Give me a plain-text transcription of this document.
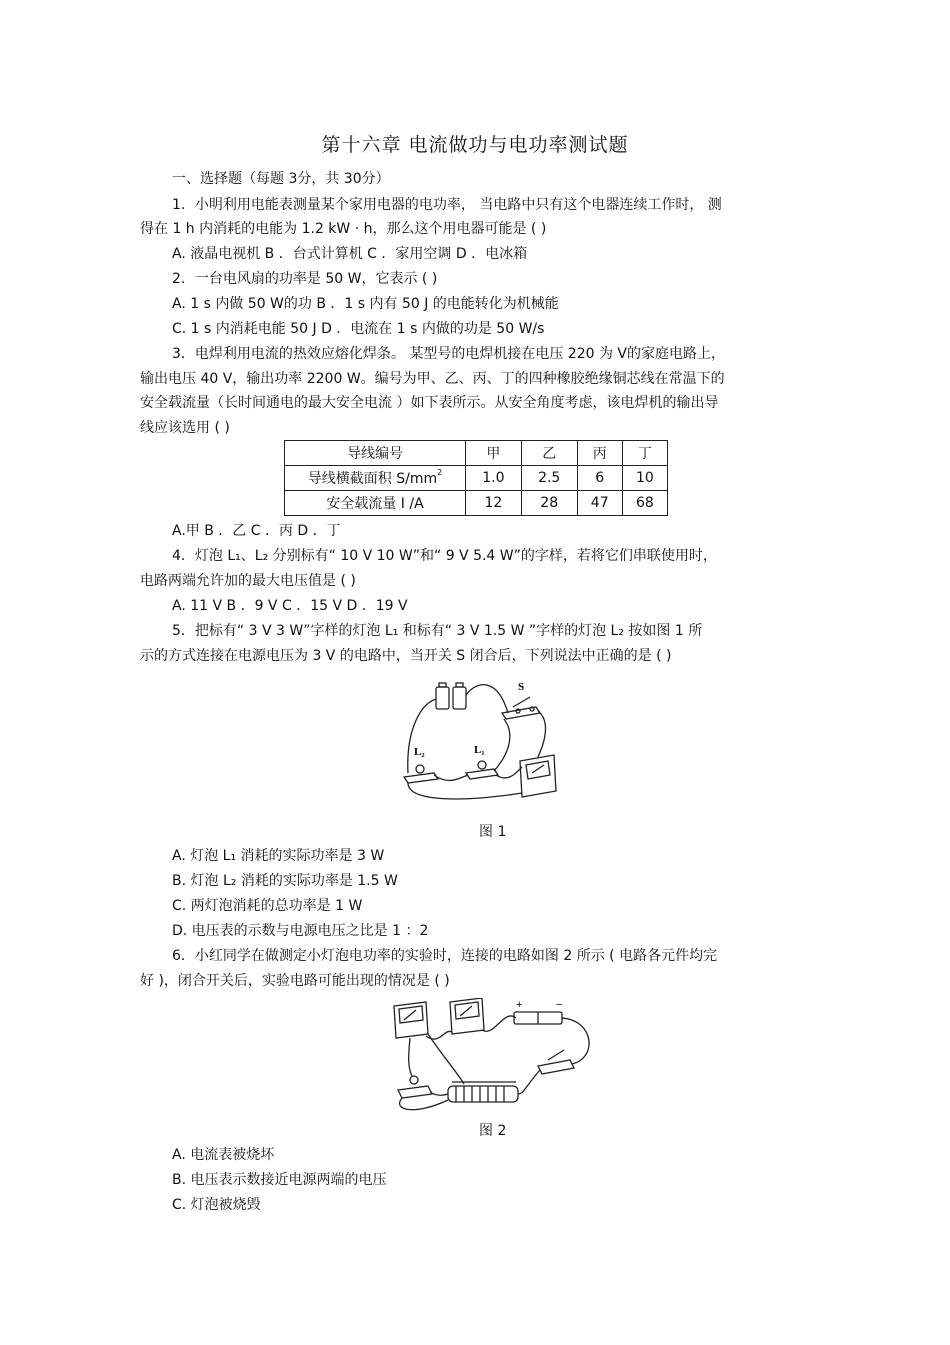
第十六章 电流做功与电功率测试题
一、选择题（每题 3分，共 30分）
1．小明利用电能表测量某个家用电器的电功率， 当电路中只有这个电器连续工作时， 测
得在 1 h 内消耗的电能为 1.2 kW · h，那么这个用电器可能是 ( )
A. 液晶电视机 B ．台式计算机 C ．家用空调 D ．电冰箱
2．一台电风扇的功率是 50 W，它表示 ( )
A. 1 s 内做 50 W的功 B ．1 s 内有 50 J 的电能转化为机械能
C. 1 s 内消耗电能 50 J D ．电流在 1 s 内做的功是 50 W/s
3．电焊利用电流的热效应熔化焊条。 某型号的电焊机接在电压 220 为 V的家庭电路上，
输出电压 40 V，输出功率 2200 W。编号为甲、乙、丙、丁的四种橡胶绝缘铜芯线在常温下的
安全载流量（长时间通电的最大安全电流 ）如下表所示。从安全角度考虑，该电焊机的输出导
线应该选用 ( )
导线编号	甲	乙	丙	丁
导线横截面积 $S/mm^2$	1.0	2.5	6	10
安全载流量 I /A	12	28	47	68
A.甲 B ．乙 C ．丙 D ．丁
4．灯泡 L₁、L₂ 分别标有“ 10 V 10 W”和“ 9 V 5.4 W”的字样，若将它们串联使用时，
电路两端允许加的最大电压值是 ( )
A. 11 V B ．9 V C ．15 V D ．19 V
5．把标有“ 3 V 3 W”字样的灯泡 L₁ 和标有“ 3 V 1.5 W ”字样的灯泡 L₂ 按如图 1 所
示的方式连接在电源电压为 3 V 的电路中，当开关 S 闭合后，下列说法中正确的是 ( )
S
L₂	L₁
图 1
A. 灯泡 L₁ 消耗的实际功率是 3 W
B. 灯泡 L₂ 消耗的实际功率是 1.5 W
C. 两灯泡消耗的总功率是 1 W
D. 电压表的示数与电源电压之比是 1 ：2
6．小红同学在做测定小灯泡电功率的实验时，连接的电路如图 2 所示 ( 电路各元件均完
好 )，闭合开关后，实验电路可能出现的情况是 ( )
+	−
图 2
A. 电流表被烧坏
B. 电压表示数接近电源两端的电压
C. 灯泡被烧毁
